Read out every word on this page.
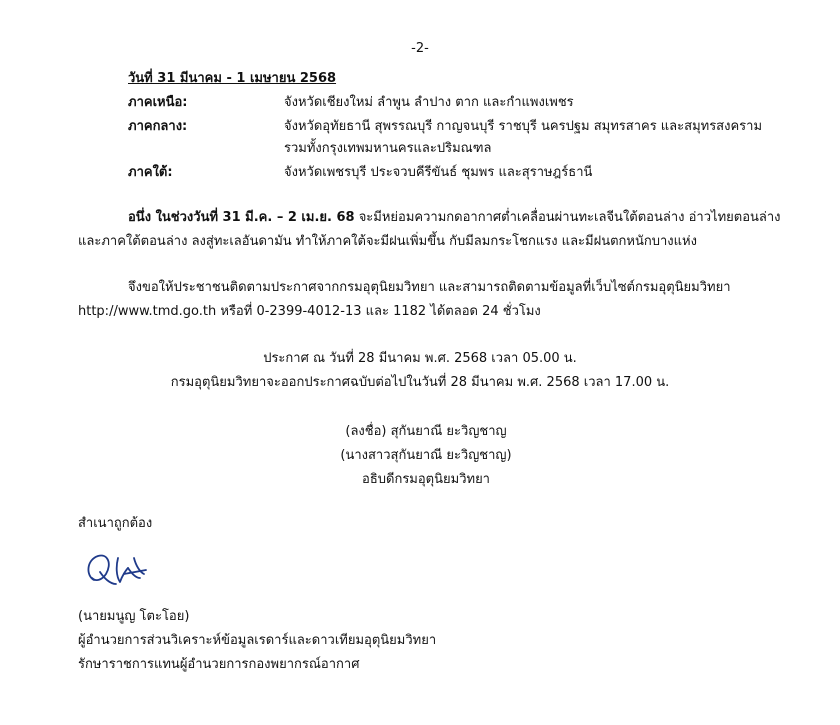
-2-
วันที่ 31 มีนาคม - 1 เมษายน 2568
ภาคเหนือ:	จังหวัดเชียงใหม่ ลำพูน ลำปาง ตาก และกำแพงเพชร
ภาคกลาง:	จังหวัดอุทัยธานี สุพรรณบุรี กาญจนบุรี ราชบุรี นครปฐม สมุทรสาคร และสมุทรสงคราม
รวมทั้งกรุงเทพมหานครและปริมณฑล
ภาคใต้:	จังหวัดเพชรบุรี ประจวบคีรีขันธ์ ชุมพร และสุราษฎร์ธานี
อนึ่ง ในช่วงวันที่ 31 มี.ค. – 2 เม.ย. 68 จะมีหย่อมความกดอากาศต่ำเคลื่อนผ่านทะเลจีนใต้ตอนล่าง อ่าวไทยตอนล่าง
และภาคใต้ตอนล่าง ลงสู่ทะเลอันดามัน ทำให้ภาคใต้จะมีฝนเพิ่มขึ้น กับมีลมกระโชกแรง และมีฝนตกหนักบางแห่ง
จึงขอให้ประชาชนติดตามประกาศจากกรมอุตุนิยมวิทยา และสามารถติดตามข้อมูลที่เว็บไซต์กรมอุตุนิยมวิทยา
http://www.tmd.go.th หรือที่ 0-2399-4012-13 และ 1182 ได้ตลอด 24 ชั่วโมง
ประกาศ ณ วันที่ 28 มีนาคม พ.ศ. 2568 เวลา 05.00 น.
กรมอุตุนิยมวิทยาจะออกประกาศฉบับต่อไปในวันที่ 28 มีนาคม พ.ศ. 2568 เวลา 17.00 น.
(ลงชื่อ) สุกันยาณี ยะวิญชาญ
(นางสาวสุกันยาณี ยะวิญชาญ)
อธิบดีกรมอุตุนิยมวิทยา
สำเนาถูกต้อง
(นายมนูญ โตะโอย)
ผู้อำนวยการส่วนวิเคราะห์ข้อมูลเรดาร์และดาวเทียมอุตุนิยมวิทยา
รักษาราชการแทนผู้อำนวยการกองพยากรณ์อากาศ
